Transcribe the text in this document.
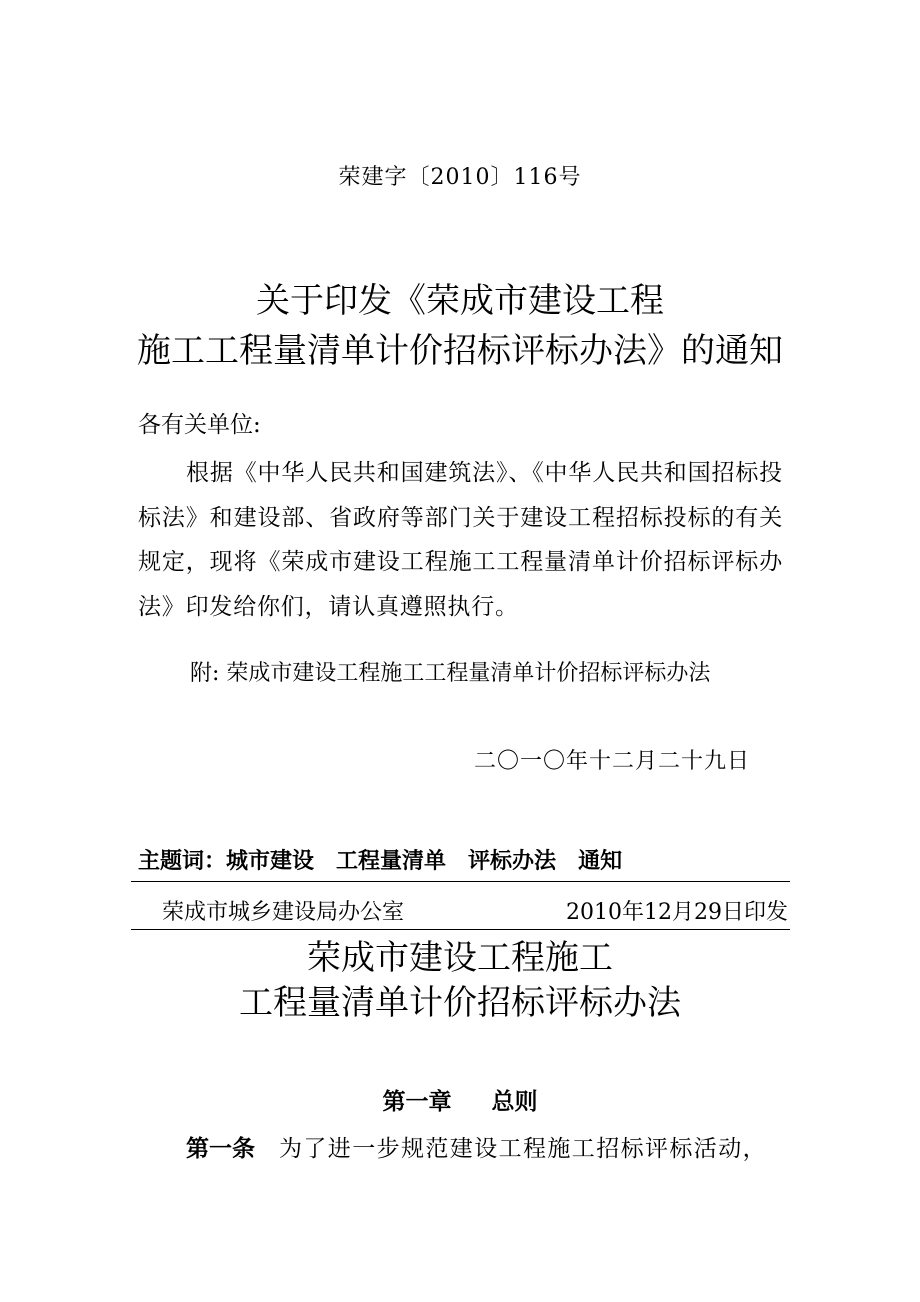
荣建字〔2010〕116号
关于印发《荣成市建设工程
施工工程量清单计价招标评标办法》的通知
各有关单位:
根据《中华人民共和国建筑法》、《中华人民共和国招标投标法》和建设部、省政府等部门关于建设工程招标投标的有关规定，现将《荣成市建设工程施工工程量清单计价招标评标办法》印发给你们，请认真遵照执行。
附: 荣成市建设工程施工工程量清单计价招标评标办法
二〇一〇年十二月二十九日
主题词：城市建设 工程量清单 评标办法 通知
荣成市城乡建设局办公室	2010年12月29日印发
荣成市建设工程施工
工程量清单计价招标评标办法
第一章 总则
第一条 为了进一步规范建设工程施工招标评标活动，
